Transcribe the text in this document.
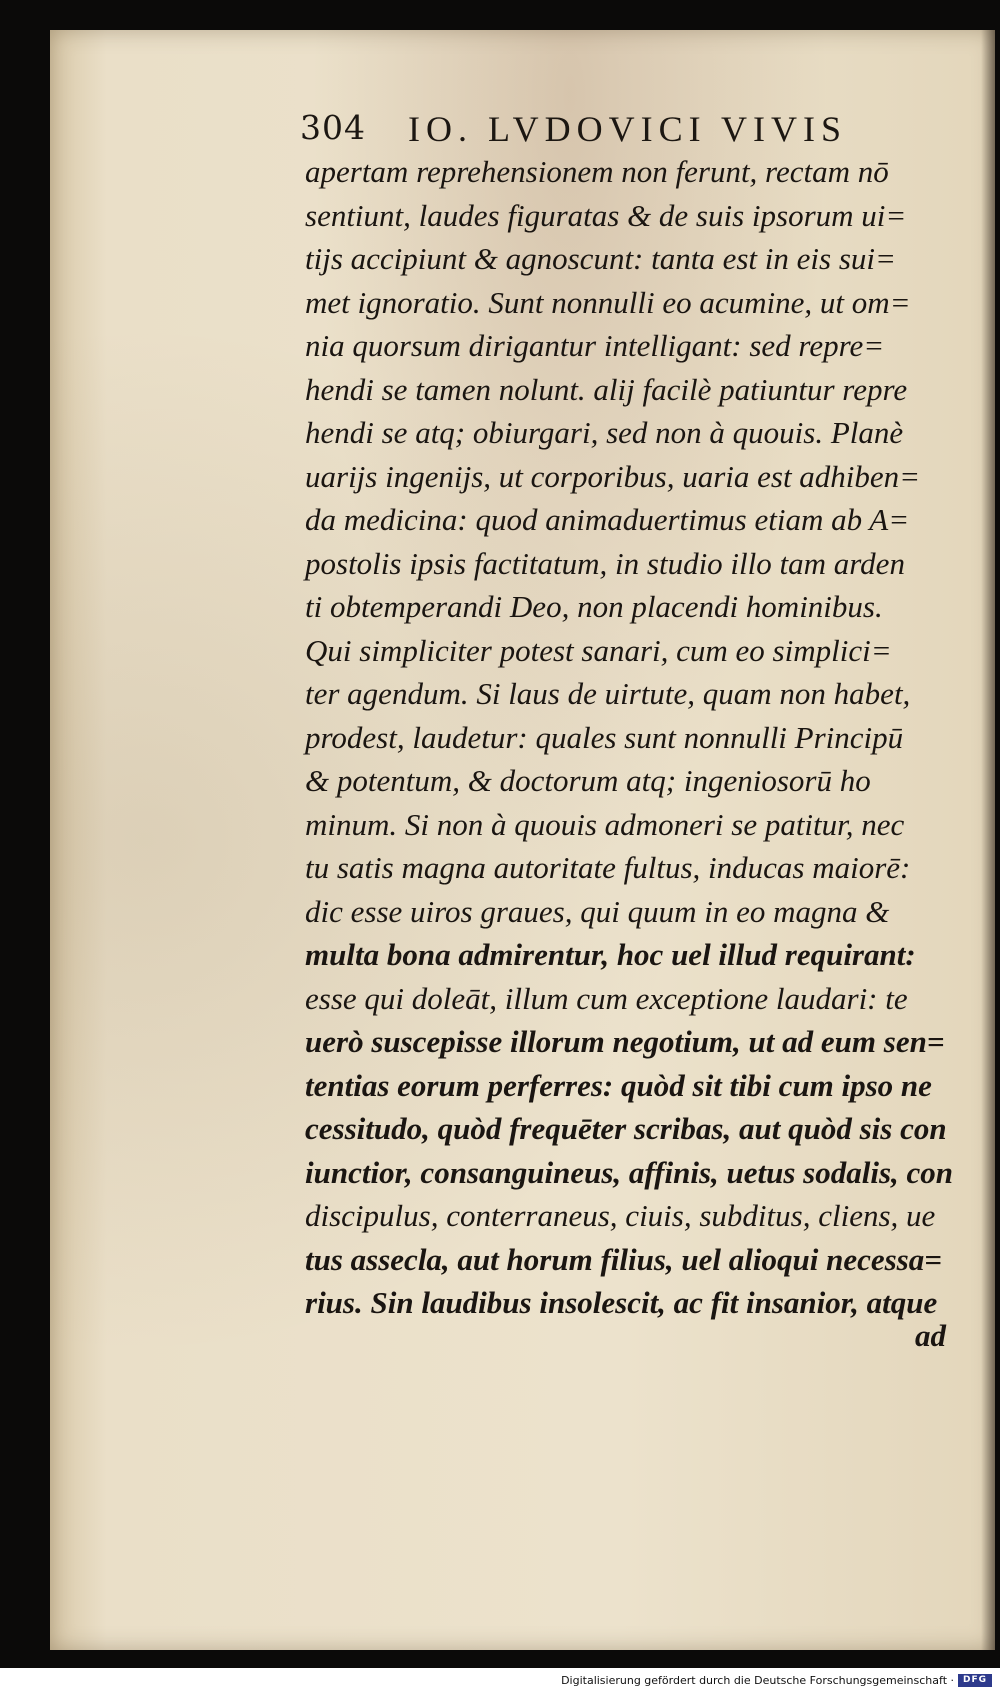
304 IO. LVDOVICI VIVIS
apertam reprehensionem non ferunt, rectam nō
sentiunt, laudes figuratas & de suis ipsorum ui=
tijs accipiunt & agnoscunt: tanta est in eis sui=
met ignoratio. Sunt nonnulli eo acumine, ut om=
nia quorsum dirigantur intelligant: sed repre=
hendi se tamen nolunt. alij facilè patiuntur repre
hendi se atq; obiurgari, sed non à quouis. Planè
uarijs ingenijs, ut corporibus, uaria est adhiben=
da medicina: quod animaduertimus etiam ab A=
postolis ipsis factitatum, in studio illo tam arden
ti obtemperandi Deo, non placendi hominibus.
Qui simpliciter potest sanari, cum eo simplici=
ter agendum. Si laus de uirtute, quam non habet,
prodest, laudetur: quales sunt nonnulli Principū
& potentum, & doctorum atq; ingeniosorū ho
minum. Si non à quouis admoneri se patitur, nec
tu satis magna autoritate fultus, inducas maiorē:
dic esse uiros graues, qui quum in eo magna &
multa bona admirentur, hoc uel illud requirant:
esse qui doleāt, illum cum exceptione laudari: te
uerò suscepisse illorum negotium, ut ad eum sen=
tentias eorum perferres: quòd sit tibi cum ipso ne
cessitudo, quòd frequēter scribas, aut quòd sis con
iunctior, consanguineus, affinis, uetus sodalis, con
discipulus, conterraneus, ciuis, subditus, cliens, ue
tus assecla, aut horum filius, uel alioqui necessa=
rius. Sin laudibus insolescit, ac fit insanior, atque
ad
Digitalisierung gefördert durch die Deutsche Forschungsgemeinschaft · DFG
